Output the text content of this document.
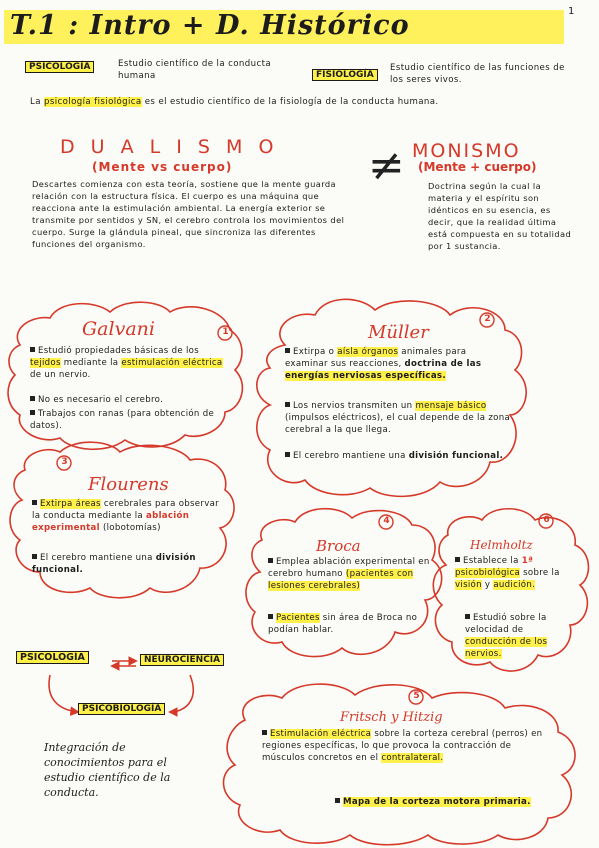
1
T.1 : Intro + D. Histórico
PSICOLOGÍA	Estudio científico de la conducta humana	FISIOLOGÍA
Estudio científico de las funciones de los seres vivos.
La psicología fisiológica es el estudio científico de la fisiología de la conducta humana.
D U A L I S M O
(Mente vs cuerpo)
Descartes comienza con esta teoría, sostiene que la mente guarda relación con la estructura física. El cuerpo es una máquina que reacciona ante la estimulación ambiental. La energía exterior se transmite por sentidos y SN, el cerebro controla los movimientos del cuerpo. Surge la glándula pineal, que sincroniza las diferentes funciones del organismo.
≠ MONISMO
(Mente + cuerpo)
Doctrina según la cual la materia y el espíritu son idénticos en su esencia, es decir, que la realidad última está compuesta en su totalidad por 1 sustancia.
1
Galvani
Estudió propiedades básicas de los tejidos mediante la estimulación eléctrica de un nervio.
No es necesario el cerebro.
Trabajos con ranas (para obtención de datos).
2
Müller
Extirpa o aísla órganos animales para examinar sus reacciones, doctrina de las energías nerviosas específicas.
Los nervios transmiten un mensaje básico (impulsos eléctricos), el cual depende de la zona cerebral a la que llega.
El cerebro mantiene una división funcional.
3
Flourens
Extirpa áreas cerebrales para observar la conducta mediante la ablación experimental (lobotomías)
El cerebro mantiene una división funcional.
4
Broca
Emplea ablación experimental en cerebro humano (pacientes con lesiones cerebrales)
Pacientes sin área de Broca no podían hablar.
6
Helmholtz
Establece la 1ª psicobiológica sobre la visión y audición.
Estudió sobre la velocidad de conducción de los nervios.
5
Fritsch y Hitzig
Estimulación eléctrica sobre la corteza cerebral (perros) en regiones específicas, lo que provoca la contracción de músculos concretos en el contralateral.
Mapa de la corteza motora primaria.
PSICOLOGÍA	NEUROCIENCIA
PSICOBIOLOGÍA
Integración de conocimientos para el estudio científico de la conducta.
